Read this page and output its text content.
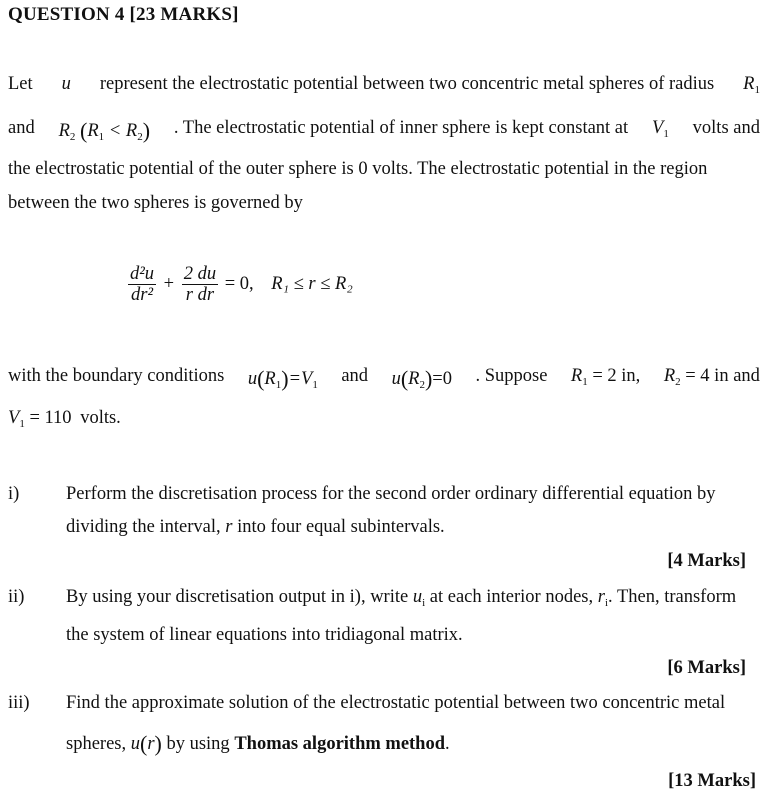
QUESTION 4 [23 MARKS]
Let u represent the electrostatic potential between two concentric metal spheres of radius $R_1$
and $R_2$ $(R_1 < R_2)$ . The electrostatic potential of inner sphere is kept constant at $V_1$ volts and
the electrostatic potential of the outer sphere is 0 volts. The electrostatic potential in the region
between the two spheres is governed by
$\frac{\text{d²u}}{\text{dr²}} + \frac{2 du}{\text{r dr}} = 0$, R₁ ≤ r ≤ R₂
with the boundary conditions $u(R_1)=V_1$ and $u(R_2)=0$ . Suppose $R_1 = 2$ in, $R_2 = 4$ in and
$V_1 = 110$ volts.
i)	Perform the discretisation process for the second order ordinary differential equation by
dividing the interval, r into four equal subintervals.
[4 Marks]
ii) By using your discretisation output in i), write $u_i$ at each interior nodes, $r_i$. Then, transform
the system of linear equations into tridiagonal matrix.
[6 Marks]
iii) Find the approximate solution of the electrostatic potential between two concentric metal
spheres, u(r) by using Thomas algorithm method.
[13 Marks]
